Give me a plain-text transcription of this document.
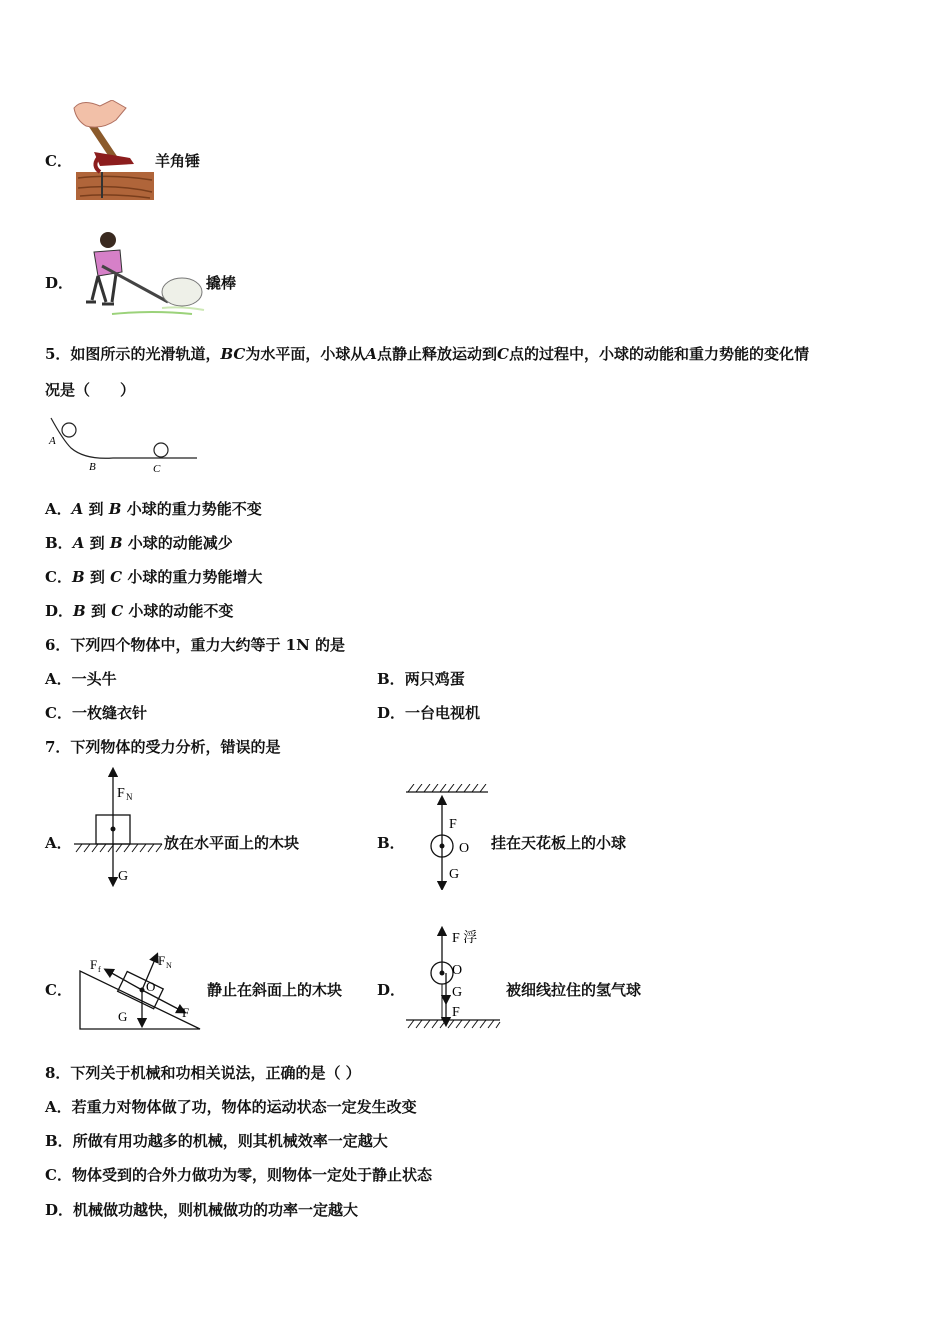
C．	羊角锤
D．	撬棒
5．如图所示的光滑轨道，BC为水平面，小球从A点静止释放运动到C点的过程中，小球的动能和重力势能的变化情
况是（　　）
A
B	C
A．A 到 B 小球的重力势能不变
B．A 到 B 小球的动能减少
C．B 到 C 小球的重力势能增大
D．B 到 C 小球的动能不变
6．下列四个物体中，重力大约等于 1N 的是
A．一头牛	B．两只鸡蛋
C．一枚缝衣针	D．一台电视机
7．下列物体的受力分析，错误的是
A．
F N
G
放在水平面上的木块	B．
F
O
G
挂在天花板上的小球
C．
F f
F N
O
G	F
静止在斜面上的木块 D．
F 浮
O
G
F
被细线拉住的氢气球
8．下列关于机械和功相关说法，正确的是（ ）
A．若重力对物体做了功，物体的运动状态一定发生改变
B．所做有用功越多的机械，则其机械效率一定越大
C．物体受到的合外力做功为零，则物体一定处于静止状态
D．机械做功越快，则机械做功的功率一定越大
